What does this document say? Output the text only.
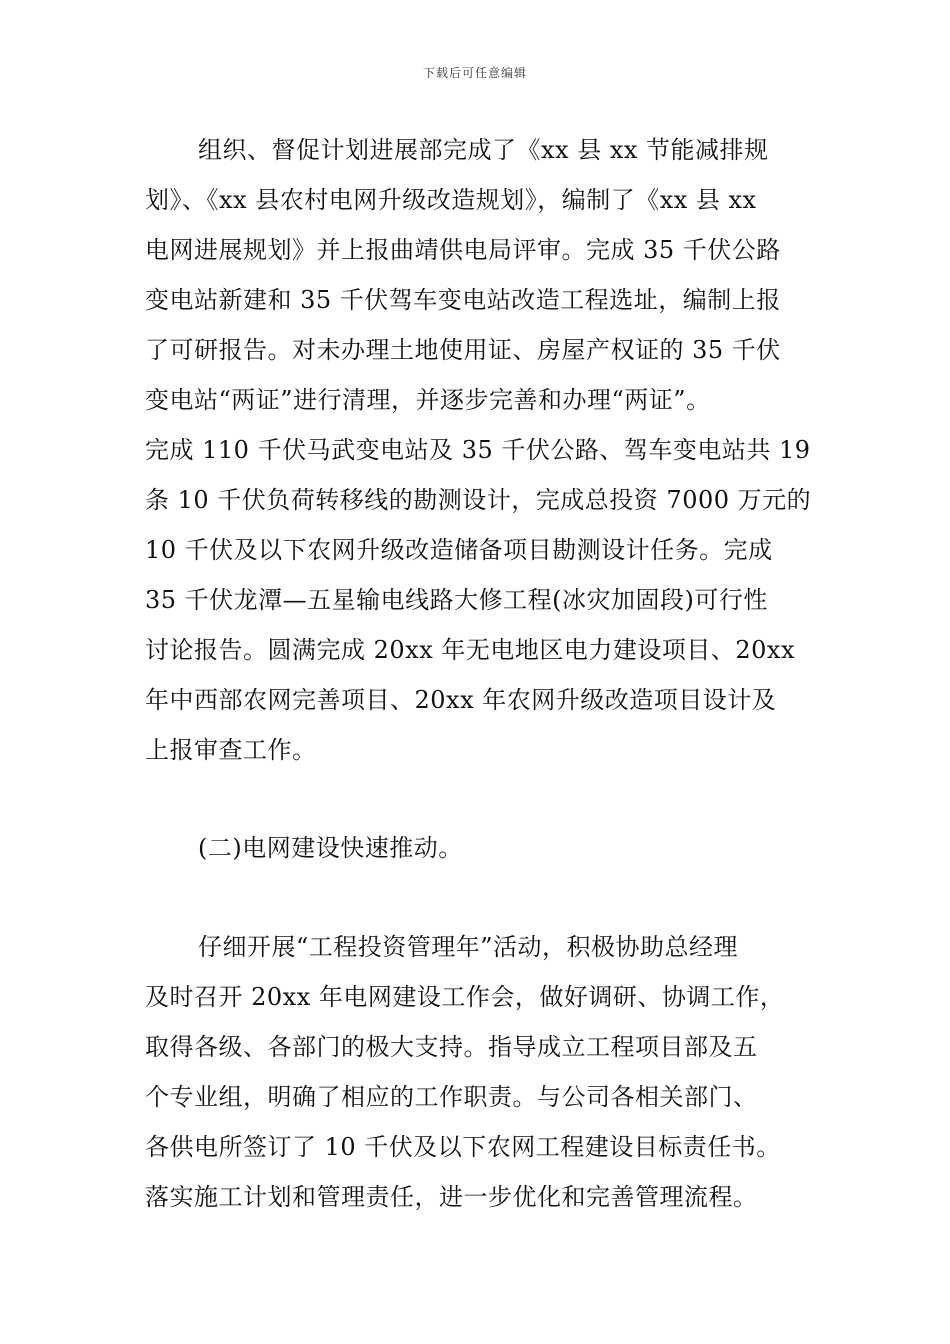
下载后可任意编辑
组织、督促计划进展部完成了《xx 县 xx 节能减排规
划》、《xx 县农村电网升级改造规划》，编制了《xx 县 xx
电网进展规划》并上报曲靖供电局评审。完成 35 千伏公路
变电站新建和 35 千伏驾车变电站改造工程选址，编制上报
了可研报告。对未办理土地使用证、房屋产权证的 35 千伏
变电站“两证”进行清理，并逐步完善和办理“两证”。
完成 110 千伏马武变电站及 35 千伏公路、驾车变电站共 19
条 10 千伏负荷转移线的勘测设计，完成总投资 7000 万元的
10 千伏及以下农网升级改造储备项目勘测设计任务。完成
35 千伏龙潭—五星输电线路大修工程(冰灾加固段)可行性
讨论报告。圆满完成 20xx 年无电地区电力建设项目、20xx
年中西部农网完善项目、20xx 年农网升级改造项目设计及
上报审查工作。
(二)电网建设快速推动。
仔细开展“工程投资管理年”活动，积极协助总经理
及时召开 20xx 年电网建设工作会，做好调研、协调工作，
取得各级、各部门的极大支持。指导成立工程项目部及五
个专业组，明确了相应的工作职责。与公司各相关部门、
各供电所签订了 10 千伏及以下农网工程建设目标责任书。
落实施工计划和管理责任，进一步优化和完善管理流程。
